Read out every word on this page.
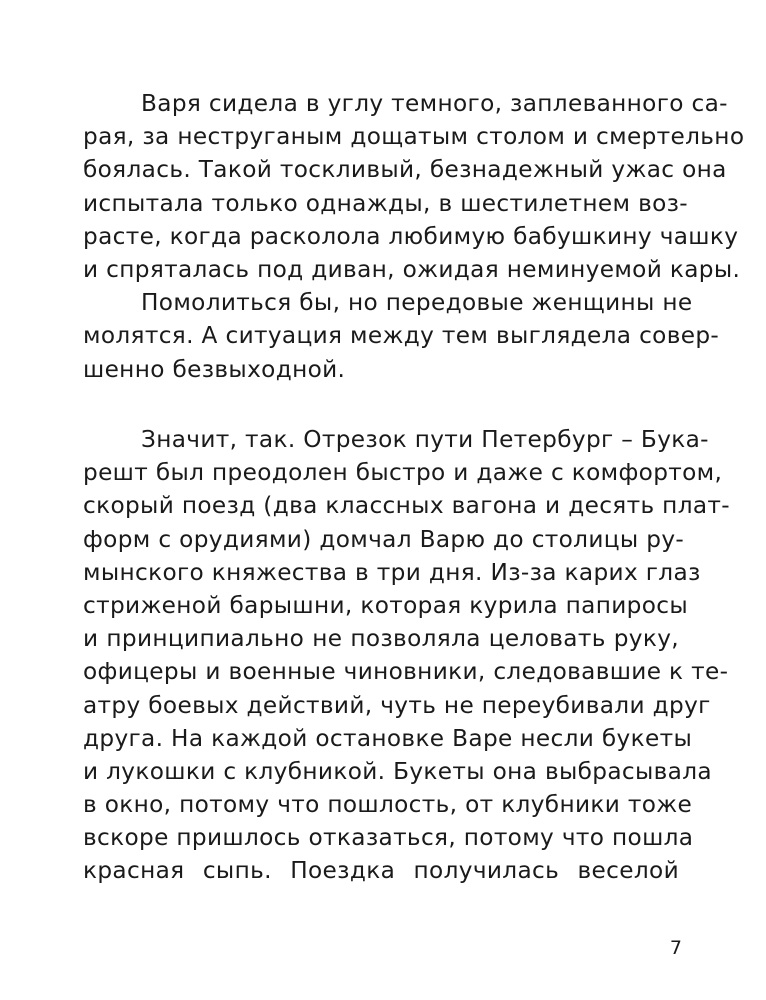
Варя сидела в углу темного, заплеванного са-
рая, за неструганым дощатым столом и смертельно
боялась. Такой тоскливый, безнадежный ужас она
испытала только однажды, в шестилетнем воз-
расте, когда расколола любимую бабушкину чашку
и спряталась под диван, ожидая неминуемой кары.

Помолиться бы, но передовые женщины не
молятся. А ситуация между тем выглядела совер-
шенно безвыходной.

Значит, так. Отрезок пути Петербург – Бука-
решт был преодолен быстро и даже с комфортом,
скорый поезд (два классных вагона и десять плат-
форм с орудиями) домчал Варю до столицы ру-
мынского княжества в три дня. Из-за карих глаз
стриженой барышни, которая курила папиросы
и принципиально не позволяла целовать руку,
офицеры и военные чиновники, следовавшие к те-
атру боевых действий, чуть не переубивали друг
друга. На каждой остановке Варе несли букеты
и лукошки с клубникой. Букеты она выбрасывала
в окно, потому что пошлость, от клубники тоже
вскоре пришлось отказаться, потому что пошла
красная сыпь. Поездка получилась веселой

7
